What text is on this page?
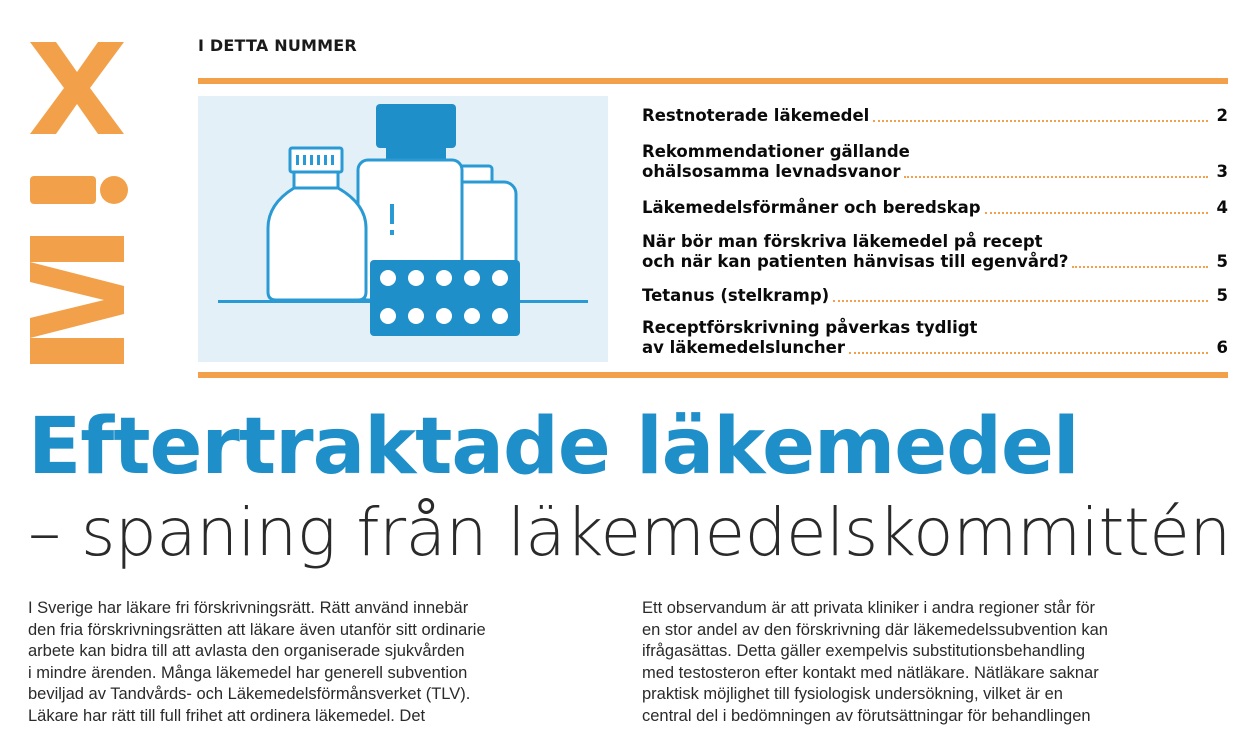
I DETTA NUMMER
Restnoterade läkemedel	2
Rekommendationer gällande
ohälsosamma levnadsvanor	3
Läkemedelsförmåner och beredskap	4
När bör man förskriva läkemedel på recept
och när kan patienten hänvisas till egenvård?	5
Tetanus (stelkramp)	5
Receptförskrivning påverkas tydligt
av läkemedelsluncher	6
Eftertraktade läkemedel
– spaning från läkemedelskommittén
I Sverige har läkare fri förskrivningsrätt. Rätt använd innebär
den fria förskrivningsrätten att läkare även utanför sitt ordinarie
arbete kan bidra till att avlasta den organiserade sjukvården
i mindre ärenden. Många läkemedel har generell subvention
beviljad av Tandvårds- och Läkemedelsförmånsverket (TLV).
Läkare har rätt till full frihet att ordinera läkemedel. Det
Ett observandum är att privata kliniker i andra regioner står för
en stor andel av den förskrivning där läkemedelssubvention kan
ifrågasättas. Detta gäller exempelvis substitutionsbehandling
med testosteron efter kontakt med nätläkare. Nätläkare saknar
praktisk möjlighet till fysiologisk undersökning, vilket är en
central del i bedömningen av förutsättningar för behandlingen
